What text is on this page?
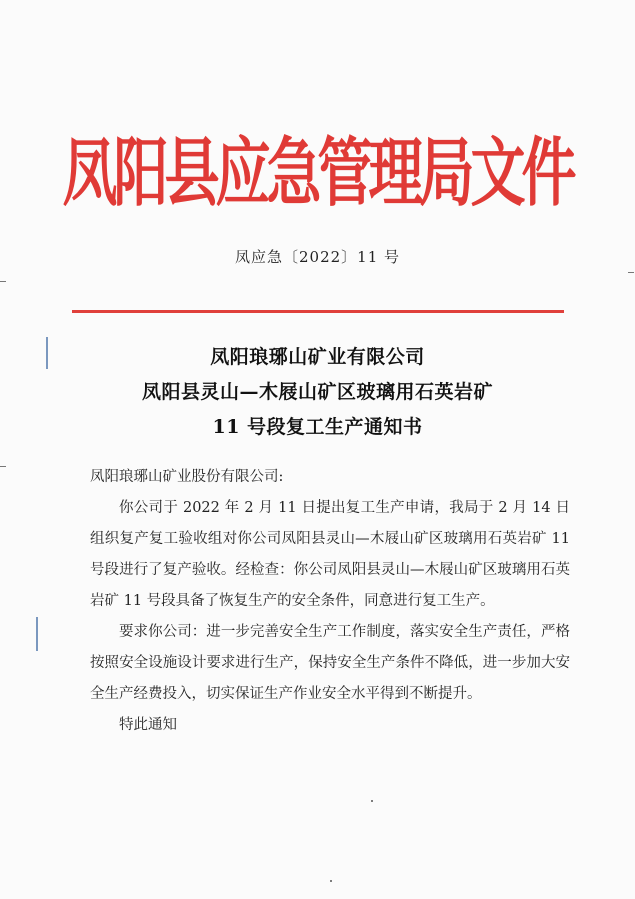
凤阳县应急管理局文件
凤应急〔2022〕11 号
凤阳琅琊山矿业有限公司
凤阳县灵山—木屐山矿区玻璃用石英岩矿
11 号段复工生产通知书

凤阳琅琊山矿业股份有限公司:

你公司于 2022 年 2 月 11 日提出复工生产申请，我局于 2 月 14 日组织复产复工验收组对你公司凤阳县灵山—木屐山矿区玻璃用石英岩矿 11 号段进行了复产验收。经检查：你公司凤阳县灵山—木屐山矿区玻璃用石英岩矿 11 号段具备了恢复生产的安全条件，同意进行复工生产。

要求你公司：进一步完善安全生产工作制度，落实安全生产责任，严格按照安全设施设计要求进行生产，保持安全生产条件不降低，进一步加大安全生产经费投入，切实保证生产作业安全水平得到不断提升。

特此通知
